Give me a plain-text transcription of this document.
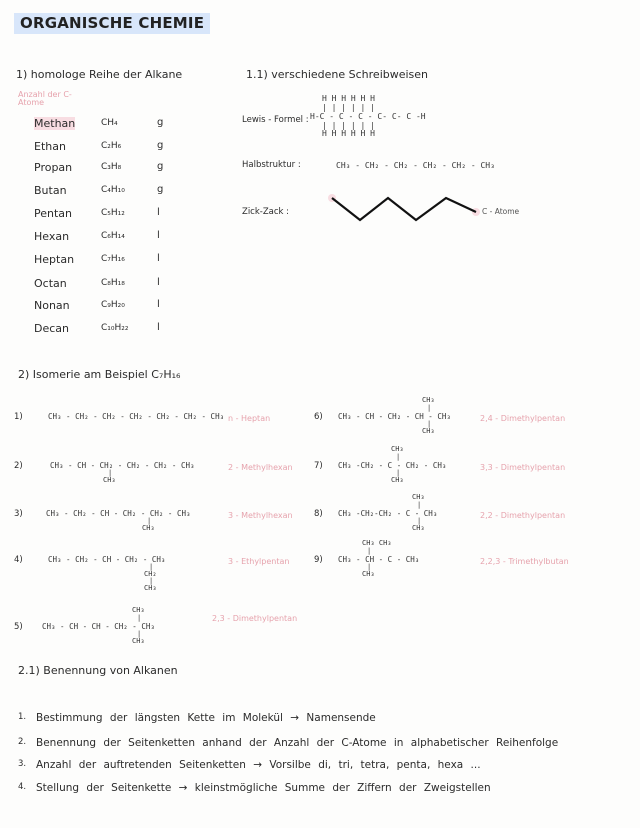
ORGANISCHE CHEMIE
1) homologe Reihe der Alkane
Anzahl der C-Atome
Methan	CH₄	g
Ethan	C₂H₆	g
Propan	C₃H₈	g
Butan	C₄H₁₀	g
Pentan	C₅H₁₂	l
Hexan	C₆H₁₄	l
Heptan	C₇H₁₆	l
Octan	C₈H₁₈	l
Nonan	C₉H₂₀	l
Decan	C₁₀H₂₂	l
1.1) verschiedene Schreibweisen
Lewis - Formel :
H H H H H H
| | | | | |
H-C - C - C - C- C- C -H
| | | | | |
H H H H H H
Halbstruktur :	CH₃ - CH₂ - CH₂ - CH₂ - CH₂ - CH₃
Zick-Zack :	C - Atome
2) Isomerie am Beispiel C₇H₁₆
1)	CH₃ - CH₂ - CH₂ - CH₂ - CH₂ - CH₂ - CH₃ n - Heptan
2)	CH₃ - CH - CH₂ - CH₂ - CH₂ - CH₃
|
CH₃
2 - Methylhexan
3)	CH₃ - CH₂ - CH - CH₂ - CH₂ - CH₃
|
CH₃
3 - Methylhexan
4)	CH₃ - CH₂ - CH - CH₂ - CH₃
|
CH₂
|
CH₃
3 - Ethylpentan
5)	CH₃ - CH - CH - CH₂ - CH₃
CH₃
|
|
CH₃
2,3 - Dimethylpentan
6) CH₃ - CH - CH₂ - CH - CH₃
CH₃
|
|
CH₃
2,4 - Dimethylpentan
7) CH₃ -CH₂ - C - CH₂ - CH₃
CH₃
|
|
CH₃
3,3 - Dimethylpentan
8) CH₃ -CH₂-CH₂ - C - CH₃
CH₃
|
|
CH₃
2,2 - Dimethylpentan
9) CH₃ - CH - C - CH₃
CH₃ CH₃
|
|
CH₃
2,2,3 - Trimethylbutan
2.1) Benennung von Alkanen
1. Bestimmung der längsten Kette im Molekül → Namensende
2. Benennung der Seitenketten anhand der Anzahl der C-Atome in alphabetischer Reihenfolge
3. Anzahl der auftretenden Seitenketten → Vorsilbe di, tri, tetra, penta, hexa ...
4. Stellung der Seitenkette → kleinstmögliche Summe der Ziffern der Zweigstellen
